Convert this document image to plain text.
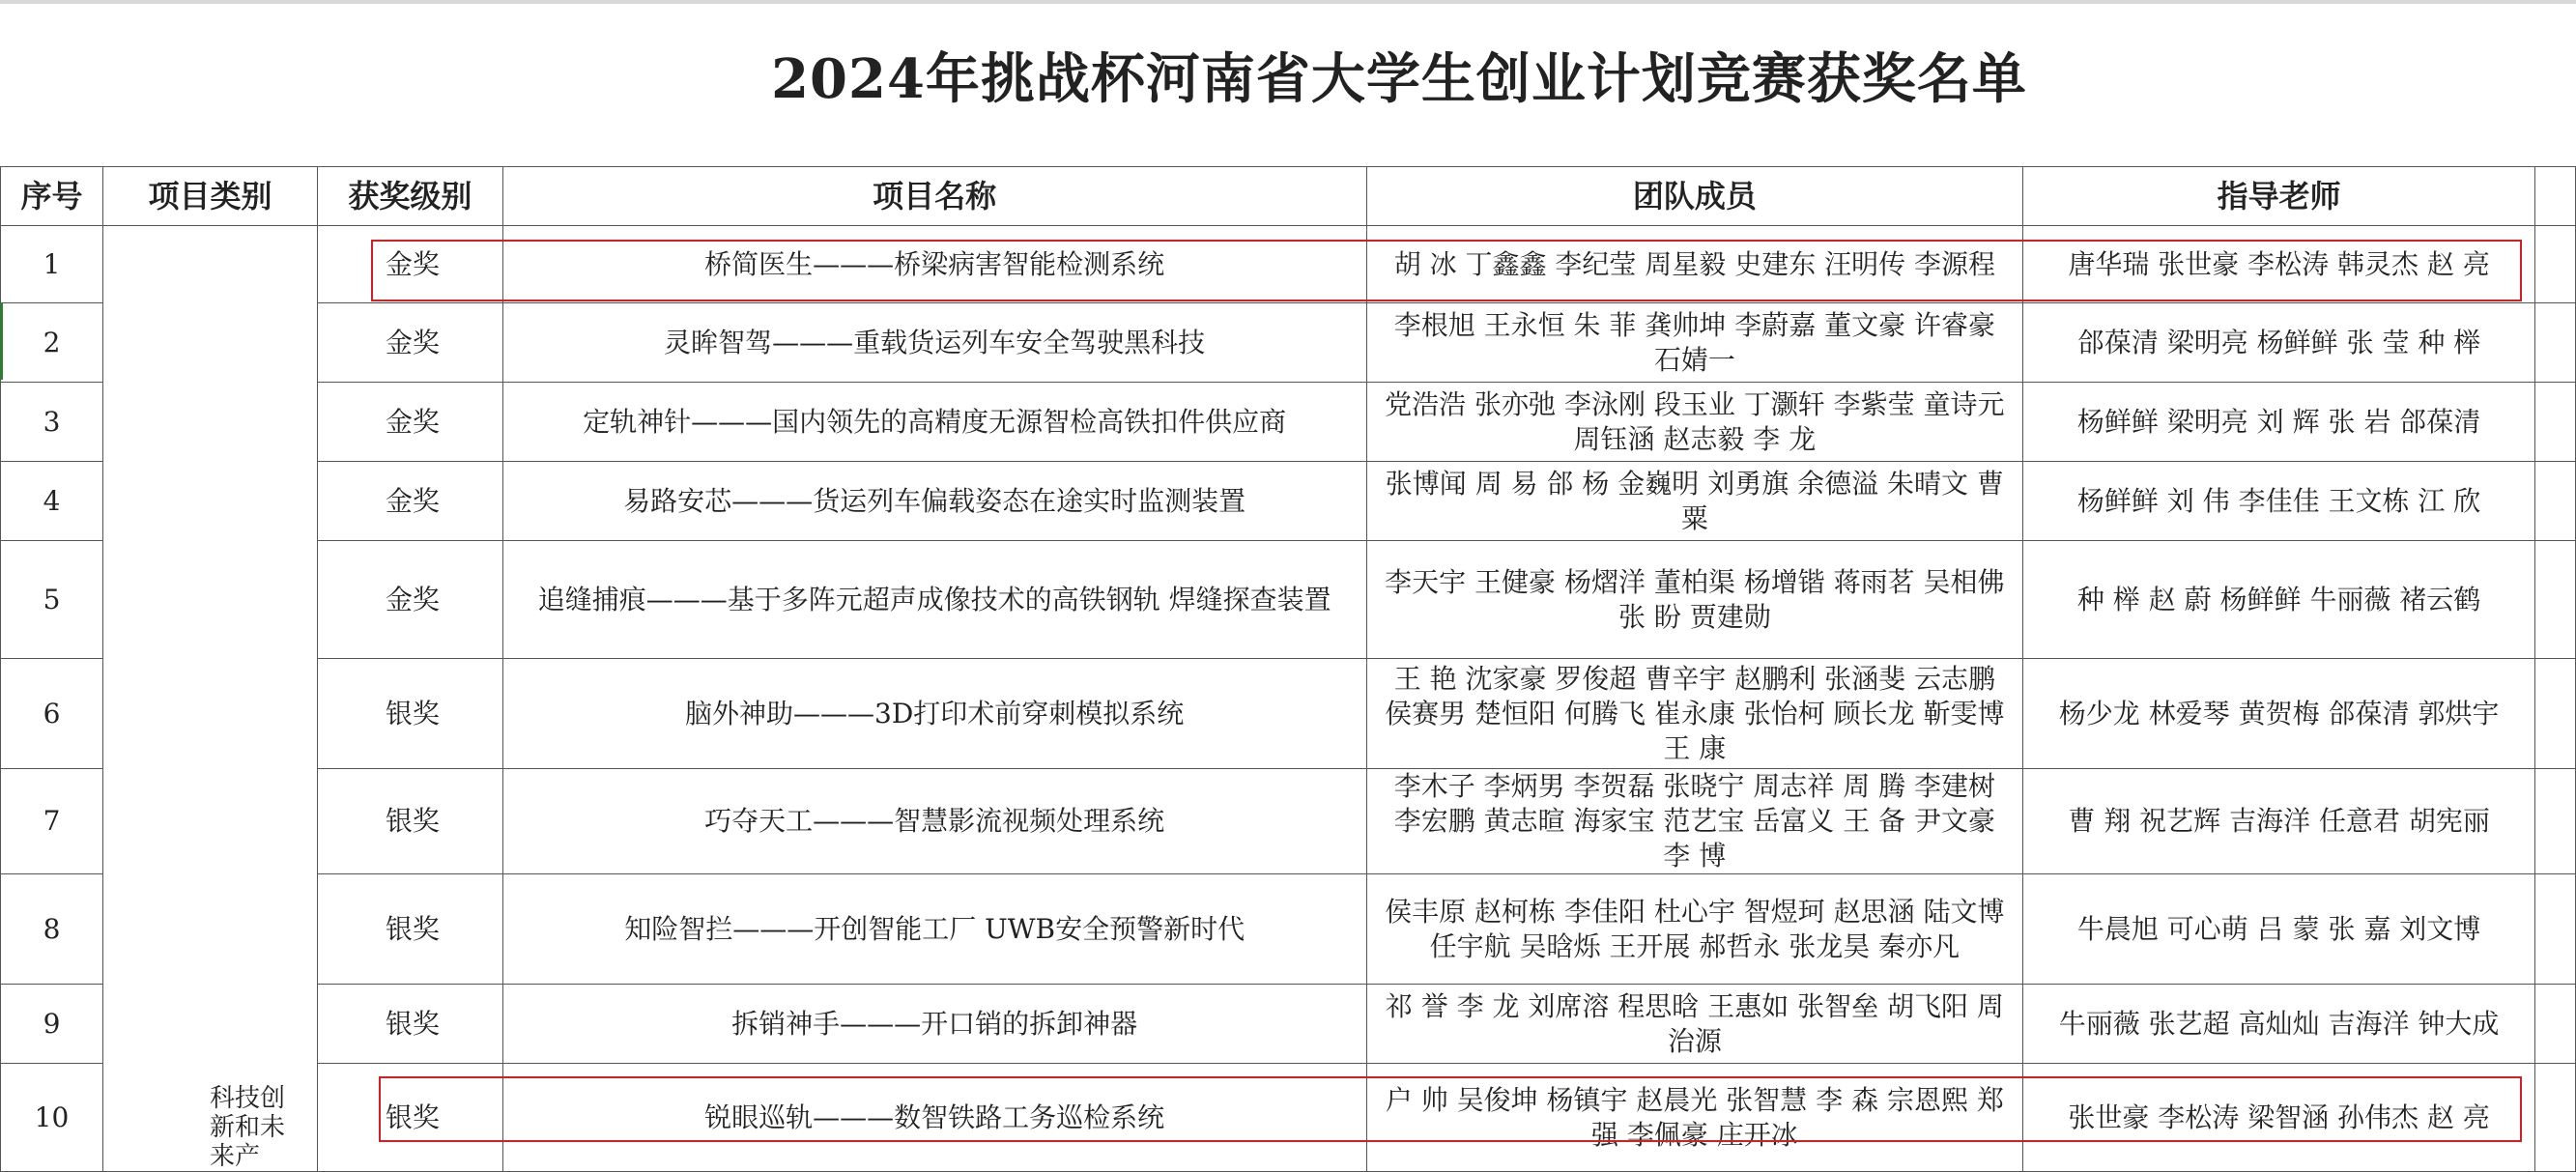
2024年挑战杯河南省大学生创业计划竞赛获奖名单
序号	项目类别	获奖级别	项目名称	团队成员	指导老师	
1	科技创新和未来产	金奖	桥简医生———桥梁病害智能检测系统	胡 冰 丁鑫鑫 李纪莹 周星毅 史建东 汪明传 李源程	唐华瑞 张世豪 李松涛 韩灵杰 赵 亮	
2		金奖	灵眸智驾———重载货运列车安全驾驶黑科技	李根旭 王永恒 朱 菲 龚帅坤 李蔚嘉 董文豪 许睿豪 石婧一	郃葆清 梁明亮 杨鲜鲜 张 莹 种 榉	
3		金奖	定轨神针———国内领先的高精度无源智检高铁扣件供应商	党浩浩 张亦弛 李泳刚 段玉业 丁灏轩 李紫莹 童诗元 周钰涵 赵志毅 李 龙	杨鲜鲜 梁明亮 刘 辉 张 岩 郃葆清	
4		金奖	易路安芯———货运列车偏载姿态在途实时监测装置	张博闻 周 易 郃 杨 金巍明 刘勇旗 余德溢 朱晴文 曹 粟	杨鲜鲜 刘 伟 李佳佳 王文栋 江 欣	
5		金奖	追缝捕痕———基于多阵元超声成像技术的高铁钢轨 焊缝探查装置	李天宇 王健豪 杨熠洋 董柏渠 杨增锴 蒋雨茗 吴相佛 张 盼 贾建勋	种 榉 赵 蔚 杨鲜鲜 牛丽薇 褚云鹤	
6		银奖	脑外神助———3D打印术前穿刺模拟系统	王 艳 沈家豪 罗俊超 曹辛宇 赵鹏利 张涵斐 云志鹏 侯赛男 楚恒阳 何腾飞 崔永康 张怡柯 顾长龙 靳雯博 王 康	杨少龙 林爱琴 黄贺梅 郃葆清 郭烘宇	
7		银奖	巧夺天工———智慧影流视频处理系统	李木子 李炳男 李贺磊 张晓宁 周志祥 周 腾 李建树 李宏鹏 黄志暄 海家宝 范艺宝 岳富义 王 备 尹文豪 李 博	曹 翔 祝艺辉 吉海洋 任意君 胡宪丽	
8		银奖	知险智拦———开创智能工厂 UWB安全预警新时代	侯丰原 赵柯栋 李佳阳 杜心宇 智煜珂 赵思涵 陆文博 任宇航 吴晗烁 王开展 郝哲永 张龙昊 秦亦凡	牛晨旭 可心萌 吕 蒙 张 嘉 刘文博	
9		银奖	拆销神手———开口销的拆卸神器	祁 誉 李 龙 刘席溶 程思晗 王惠如 张智垒 胡飞阳 周治源	牛丽薇 张艺超 高灿灿 吉海洋 钟大成	
10		银奖	锐眼巡轨———数智铁路工务巡检系统	户 帅 吴俊坤 杨镇宇 赵晨光 张智慧 李 森 宗恩熙 郑 强 李佩豪 庄开冰	张世豪 李松涛 梁智涵 孙伟杰 赵 亮	
